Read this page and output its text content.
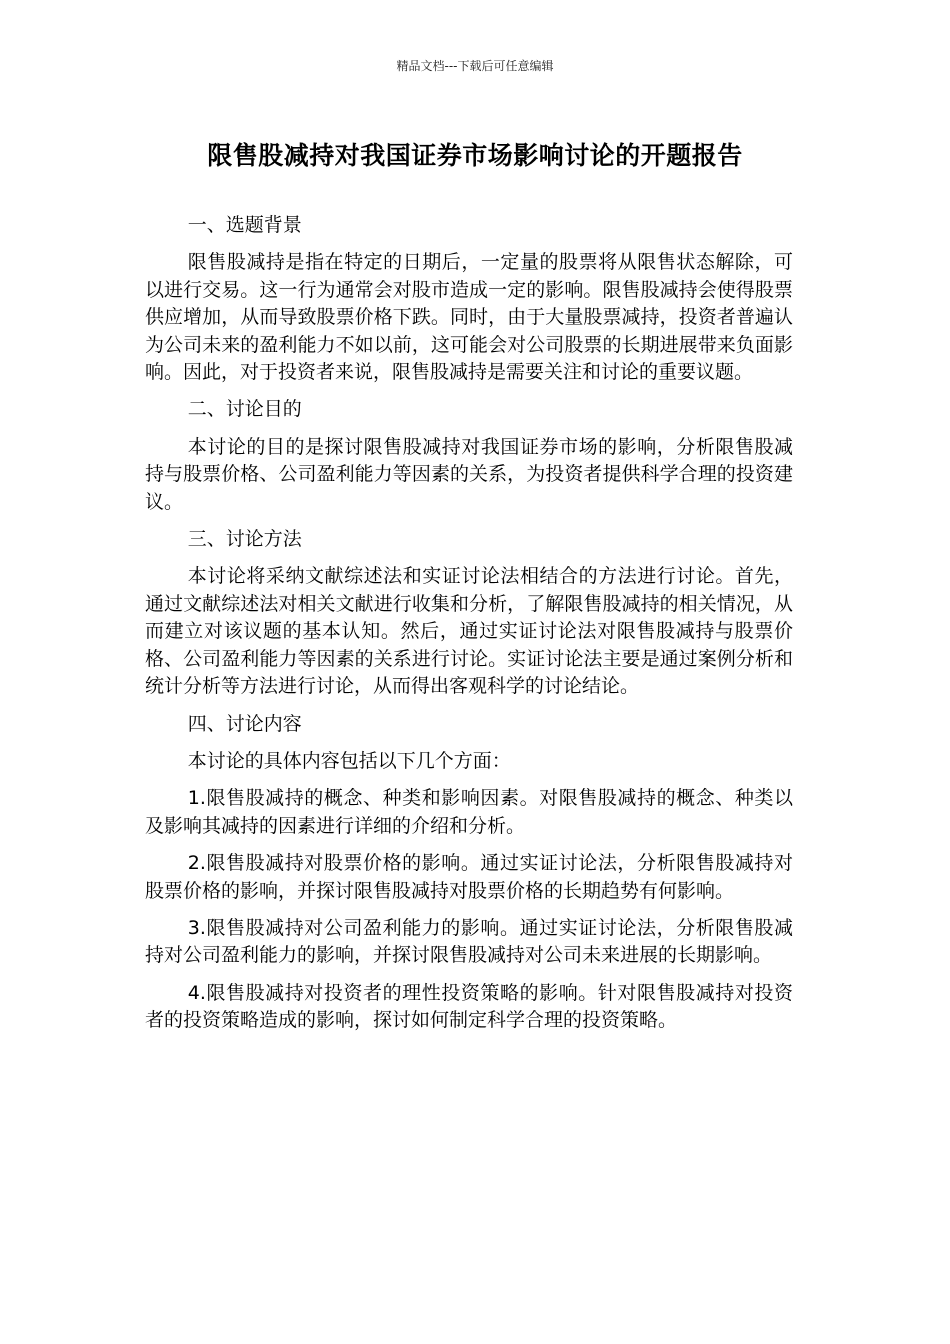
精品文档---下载后可任意编辑
限售股减持对我国证券市场影响讨论的开题报告
一、选题背景
限售股减持是指在特定的日期后，一定量的股票将从限售状态解除，可以进行交易。这一行为通常会对股市造成一定的影响。限售股减持会使得股票供应增加，从而导致股票价格下跌。同时，由于大量股票减持，投资者普遍认为公司未来的盈利能力不如以前，这可能会对公司股票的长期进展带来负面影响。因此，对于投资者来说，限售股减持是需要关注和讨论的重要议题。
二、讨论目的
本讨论的目的是探讨限售股减持对我国证券市场的影响，分析限售股减持与股票价格、公司盈利能力等因素的关系，为投资者提供科学合理的投资建议。
三、讨论方法
本讨论将采纳文献综述法和实证讨论法相结合的方法进行讨论。首先，通过文献综述法对相关文献进行收集和分析，了解限售股减持的相关情况，从而建立对该议题的基本认知。然后，通过实证讨论法对限售股减持与股票价格、公司盈利能力等因素的关系进行讨论。实证讨论法主要是通过案例分析和统计分析等方法进行讨论，从而得出客观科学的讨论结论。
四、讨论内容
本讨论的具体内容包括以下几个方面：
1.限售股减持的概念、种类和影响因素。对限售股减持的概念、种类以及影响其减持的因素进行详细的介绍和分析。
2.限售股减持对股票价格的影响。通过实证讨论法，分析限售股减持对股票价格的影响，并探讨限售股减持对股票价格的长期趋势有何影响。
3.限售股减持对公司盈利能力的影响。通过实证讨论法，分析限售股减持对公司盈利能力的影响，并探讨限售股减持对公司未来进展的长期影响。
4.限售股减持对投资者的理性投资策略的影响。针对限售股减持对投资者的投资策略造成的影响，探讨如何制定科学合理的投资策略。
